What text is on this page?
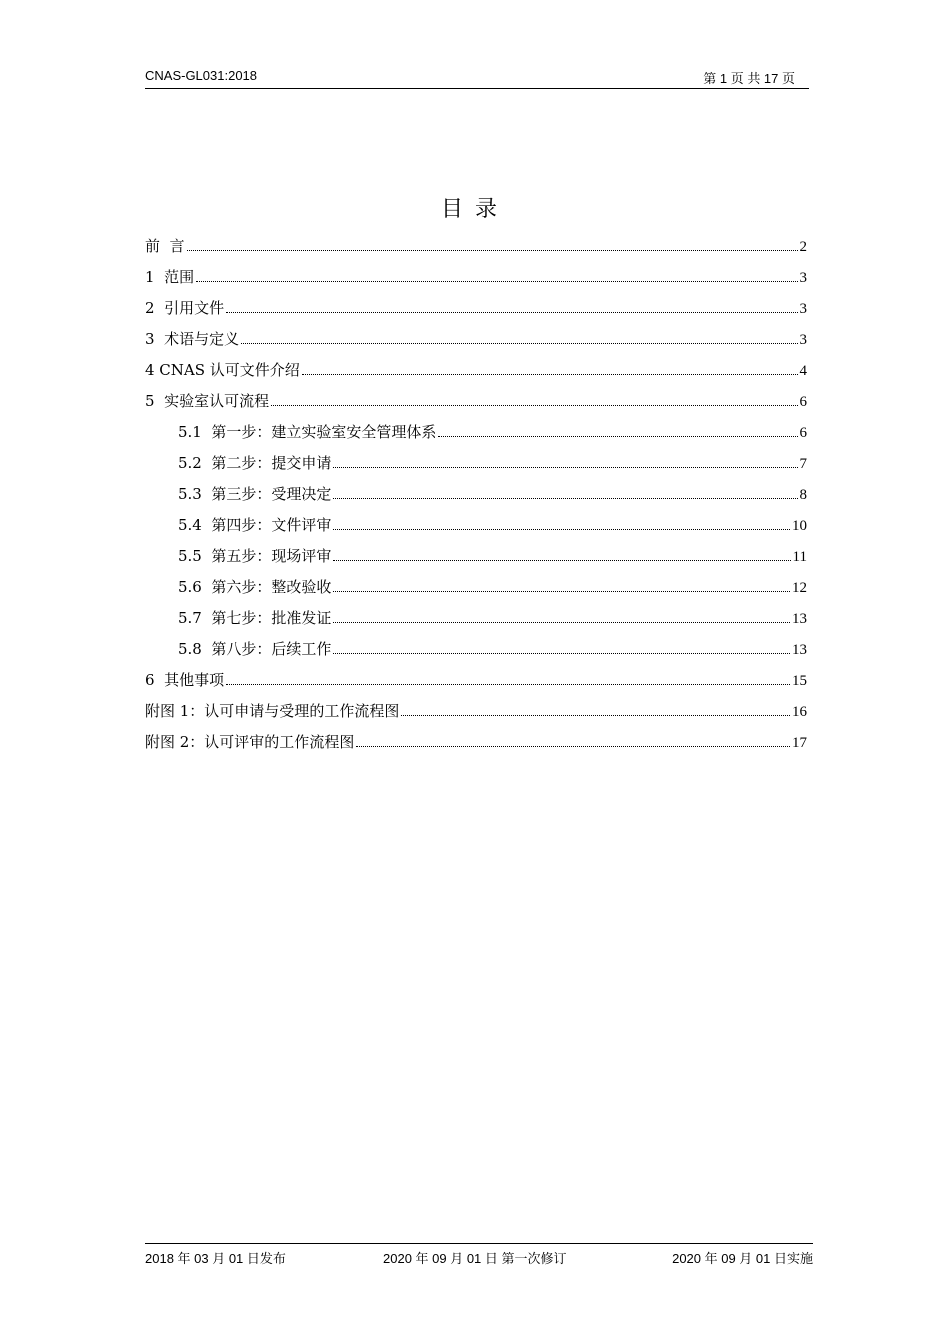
CNAS-GL031:2018	第 1 页 共 17 页
目录
前  言	2
1  范围	3
2  引用文件	3
3  术语与定义	3
4 CNAS 认可文件介绍	4
5  实验室认可流程	6
5.1  第一步：建立实验室安全管理体系	6
5.2  第二步：提交申请	7
5.3  第三步：受理决定	8
5.4  第四步：文件评审	10
5.5  第五步：现场评审	11
5.6  第六步：整改验收	12
5.7  第七步：批准发证	13
5.8  第八步：后续工作	13
6  其他事项	15
附图 1：认可申请与受理的工作流程图	16
附图 2：认可评审的工作流程图	17
2018 年 03 月 01 日发布	2020 年 09 月 01 日 第一次修订	2020 年 09 月 01 日实施
